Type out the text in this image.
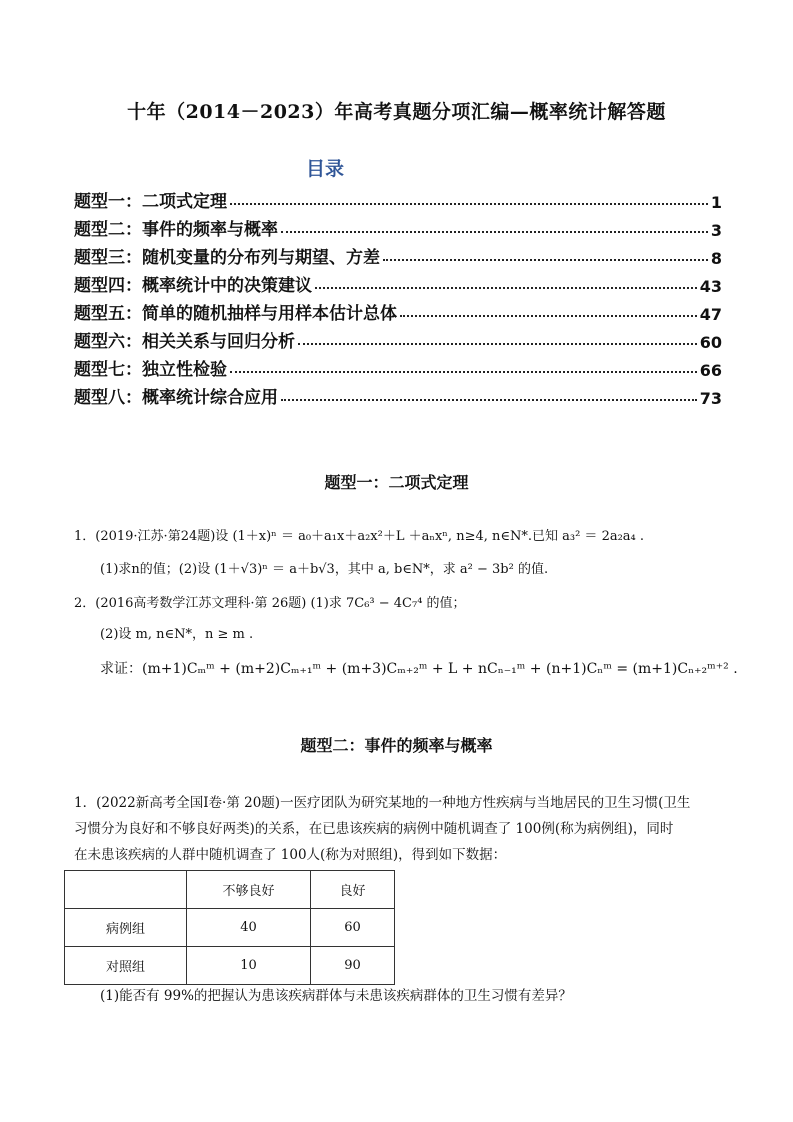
十年（2014－2023）年高考真题分项汇编—概率统计解答题
目录
题型一：二项式定理	1
题型二：事件的频率与概率	3
题型三：随机变量的分布列与期望、方差	8
题型四：概率统计中的决策建议	43
题型五：简单的随机抽样与用样本估计总体	47
题型六：相关关系与回归分析	60
题型七：独立性检验	66
题型八：概率统计综合应用	73
题型一：二项式定理
1．(2019·江苏·第24题)设 (1＋x)ⁿ ＝ a₀＋a₁x＋a₂x²＋L ＋aₙxⁿ, n≥4, n∈N*.已知 a₃² ＝ 2a₂a₄ .
(1)求n的值；(2)设 (1＋√3)ⁿ ＝ a＋b√3，其中 a, b∈N*，求 a² − 3b² 的值.
2．(2016高考数学江苏文理科·第 26题) (1)求 7C₆³ − 4C₇⁴ 的值；
(2)设 m, n∈N*，n ≥ m .
求证：(m+1)Cₘᵐ + (m+2)Cₘ₊₁ᵐ + (m+3)Cₘ₊₂ᵐ + L + nCₙ₋₁ᵐ + (n+1)Cₙᵐ = (m+1)Cₙ₊₂ᵐ⁺² .
题型二：事件的频率与概率
1．(2022新高考全国Ⅰ卷·第 20题)一医疗团队为研究某地的一种地方性疾病与当地居民的卫生习惯(卫生
习惯分为良好和不够良好两类)的关系，在已患该疾病的病例中随机调查了 100例(称为病例组)，同时
在未患该疾病的人群中随机调查了 100人(称为对照组)，得到如下数据：
	不够良好	良好
病例组	40	60
对照组	10	90
(1)能否有 99%的把握认为患该疾病群体与未患该疾病群体的卫生习惯有差异？
